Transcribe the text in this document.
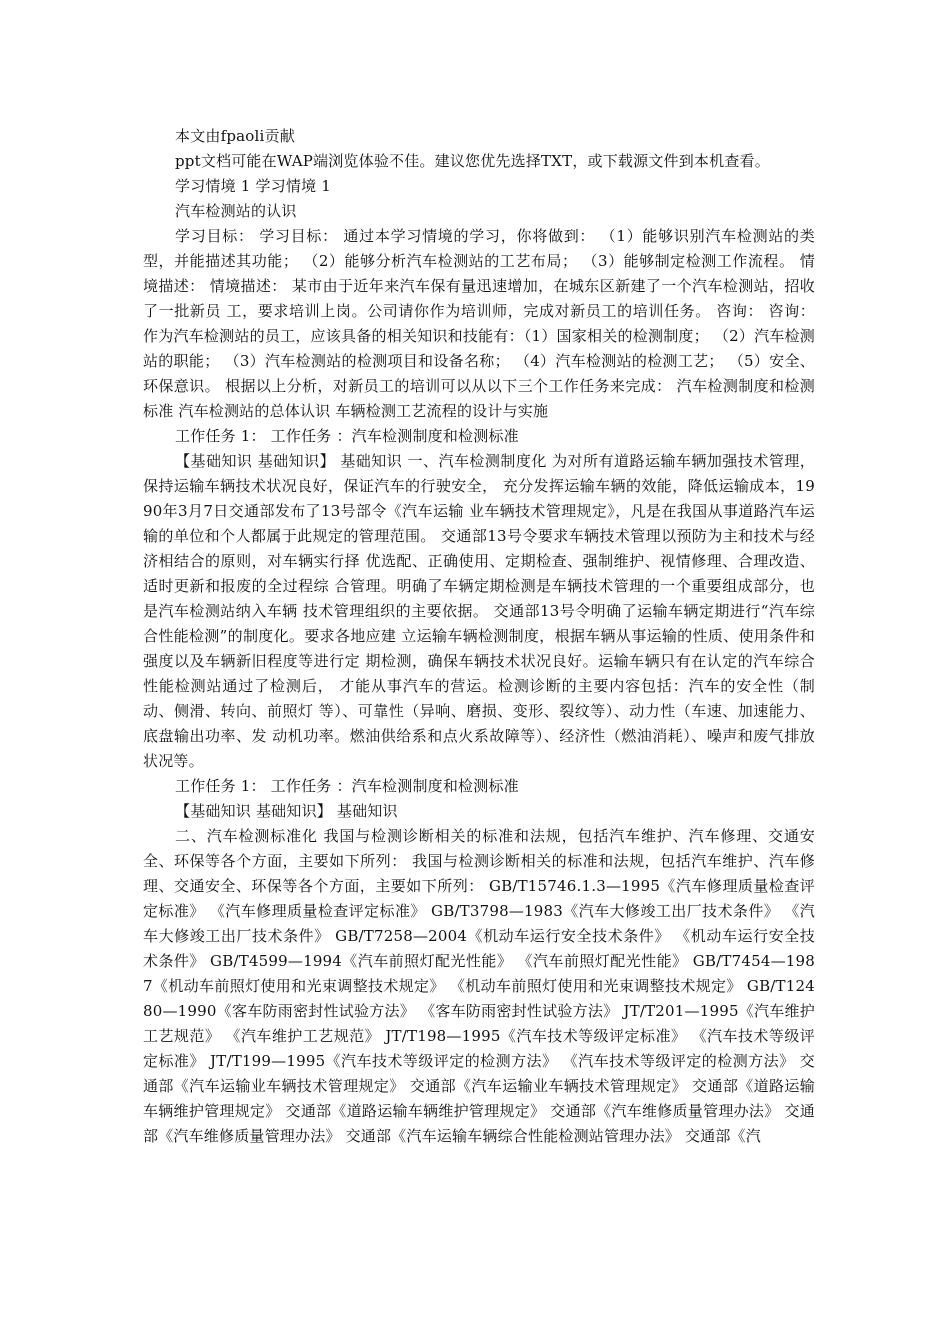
本文由fpaoli贡献
ppt文档可能在WAP端浏览体验不佳。建议您优先选择TXT，或下载源文件到本机查看。
学习情境 1 学习情境 1
汽车检测站的认识
学习目标： 学习目标： 通过本学习情境的学习，你将做到： （1）能够识别汽车检测站的类型，并能描述其功能； （2）能够分析汽车检测站的工艺布局； （3）能够制定检测工作流程。 情境描述： 情境描述： 某市由于近年来汽车保有量迅速增加，在城东区新建了一个汽车检测站，招收了一批新员 工，要求培训上岗。公司请你作为培训师，完成对新员工的培训任务。 咨询： 咨询： 作为汽车检测站的员工，应该具备的相关知识和技能有：（1）国家相关的检测制度； （2）汽车检测站的职能； （3）汽车检测站的检测项目和设备名称； （4）汽车检测站的检测工艺； （5）安全、环保意识。 根据以上分析，对新员工的培训可以从以下三个工作任务来完成： 汽车检测制度和检测标准 汽车检测站的总体认识 车辆检测工艺流程的设计与实施
工作任务 1： 工作任务 ：汽车检测制度和检测标准
【基础知识 基础知识】 基础知识 一、汽车检测制度化 为对所有道路运输车辆加强技术管理，保持运输车辆技术状况良好，保证汽车的行驶安全， 充分发挥运输车辆的效能，降低运输成本，1990年3月7日交通部发布了13号部令《汽车运输 业车辆技术管理规定》，凡是在我国从事道路汽车运输的单位和个人都属于此规定的管理范围。 交通部13号令要求车辆技术管理以预防为主和技术与经济相结合的原则，对车辆实行择 优选配、正确使用、定期检查、强制维护、视情修理、合理改造、适时更新和报废的全过程综 合管理。明确了车辆定期检测是车辆技术管理的一个重要组成部分，也是汽车检测站纳入车辆 技术管理组织的主要依据。 交通部13号令明确了运输车辆定期进行“汽车综合性能检测”的制度化。要求各地应建 立运输车辆检测制度，根据车辆从事运输的性质、使用条件和强度以及车辆新旧程度等进行定 期检测，确保车辆技术状况良好。运输车辆只有在认定的汽车综合性能检测站通过了检测后， 才能从事汽车的营运。检测诊断的主要内容包括：汽车的安全性（制动、侧滑、转向、前照灯 等）、可靠性（异响、磨损、变形、裂纹等）、动力性（车速、加速能力、底盘输出功率、发 动机功率。燃油供给系和点火系故障等）、经济性（燃油消耗）、噪声和废气排放状况等。
工作任务 1： 工作任务 ：汽车检测制度和检测标准
【基础知识 基础知识】 基础知识
二、汽车检测标准化 我国与检测诊断相关的标准和法规，包括汽车维护、汽车修理、交通安全、环保等各个方面，主要如下所列： 我国与检测诊断相关的标准和法规，包括汽车维护、汽车修理、交通安全、环保等各个方面，主要如下所列： GB/T15746.1.3—1995《汽车修理质量检查评定标准》 《汽车修理质量检查评定标准》 GB/T3798—1983《汽车大修竣工出厂技术条件》 《汽车大修竣工出厂技术条件》 GB/T7258—2004《机动车运行安全技术条件》 《机动车运行安全技术条件》 GB/T4599—1994《汽车前照灯配光性能》 《汽车前照灯配光性能》 GB/T7454—1987《机动车前照灯使用和光束调整技术规定》 《机动车前照灯使用和光束调整技术规定》 GB/T12480—1990《客车防雨密封性试验方法》 《客车防雨密封性试验方法》 JT/T201—1995《汽车维护工艺规范》 《汽车维护工艺规范》 JT/T198—1995《汽车技术等级评定标准》 《汽车技术等级评定标准》 JT/T199—1995《汽车技术等级评定的检测方法》 《汽车技术等级评定的检测方法》 交通部《汽车运输业车辆技术管理规定》 交通部《汽车运输业车辆技术管理规定》 交通部《道路运输车辆维护管理规定》 交通部《道路运输车辆维护管理规定》 交通部《汽车维修质量管理办法》 交通部《汽车维修质量管理办法》 交通部《汽车运输车辆综合性能检测站管理办法》 交通部《汽
